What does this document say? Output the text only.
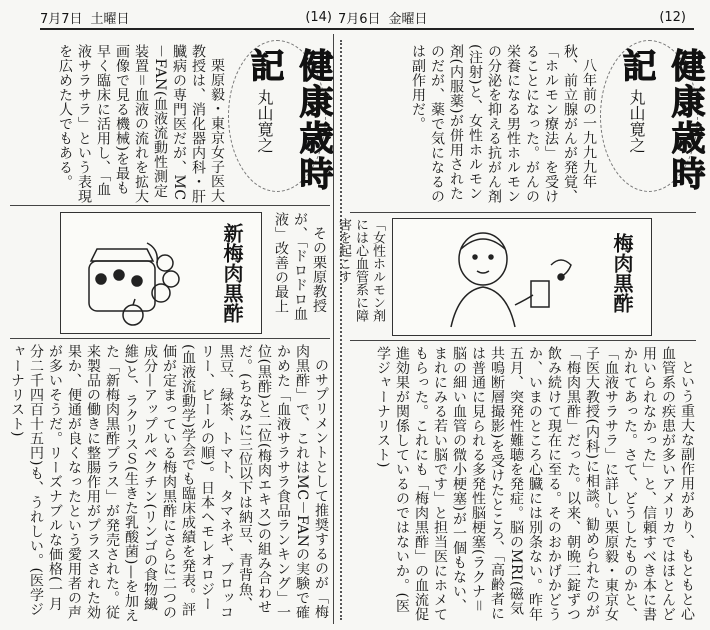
7月7日 土曜日	(14) 7月6日 金曜日	(12)
健康歳時記 丸山寛之

栗原毅・東京女子医大教授は、消化器内科・肝臓病の専門医だが、MC－FAN(血液流動性測定装置＝血液の流れを拡大画像で見る機械)を最も早く臨床に活用し、「血液サラサラ」という表現を広めた人でもある。

新梅肉黒酢	その栗原教授が、「ドロドロ血液」改善の最上

のサプリメントとして推奨するのが「梅肉黒酢」で、これはMC－FANの実験で確かめた「血液サラサラ食品ランキング」一位(黒酢)と二位(梅肉エキス)の組み合わせだ。(ちなみに三位以下は納豆、青背魚、黒豆、緑茶、トマト、タマネギ、ブロッコリー、ビールの順)。日本ヘモレオロジー(血液流動学)学会でも臨床成績を発表。評価が定まっている梅肉黒酢にさらに二つの成分—アップルペクチン(リンゴの食物繊維)と、ラクリスＳ(生きた乳酸菌)—を加えた「新梅肉黒酢プラス」が発売された。従来製品の働きに整腸作用がプラスされた効果か、便通が良くなったという愛用者の声が多いそうだ。リーズナブルな価格(一月分二千四百十五円)も、うれしい。(医学ジャーナリスト)

健康歳時記 丸山寛之

八年前の一九九九年秋、前立腺がんが発覚、「ホルモン療法」を受けることになった。がんの栄養になる男性ホルモンの分泌を抑える抗がん剤(注射)と、女性ホルモン剤(内服薬)が併用されたのだが、薬で気になるのは副作用だ。

「女性ホルモン剤には心血管系に障害を起こす	梅肉黒酢

という重大な副作用があり、もともと心血管系の疾患が多いアメリカではほとんど用いられなかった」と、信頼すべき本に書かれてあった。さて、どうしたものかと、「血液サラサラ」に詳しい栗原毅・東京女子医大教授(内科)に相談。勧められたのが「梅肉黒酢」だった。以来、朝晩二錠ずつ飲み続けて現在に至る。そのおかげかどうか、いまのところ心臓には別条ない。昨年五月、突発性難聴を発症。脳のMRI(磁気共鳴断層撮影)を受けたところ、「高齢者には普通に見られる多発性脳梗塞(ラクナ＝脳の細い血管の微小梗塞)が一個もない、まれにみる若い脳です」と担当医にホメてもらった。これにも「梅肉黒酢」の血流促進効果が関係しているのではないか。(医学ジャーナリスト)
